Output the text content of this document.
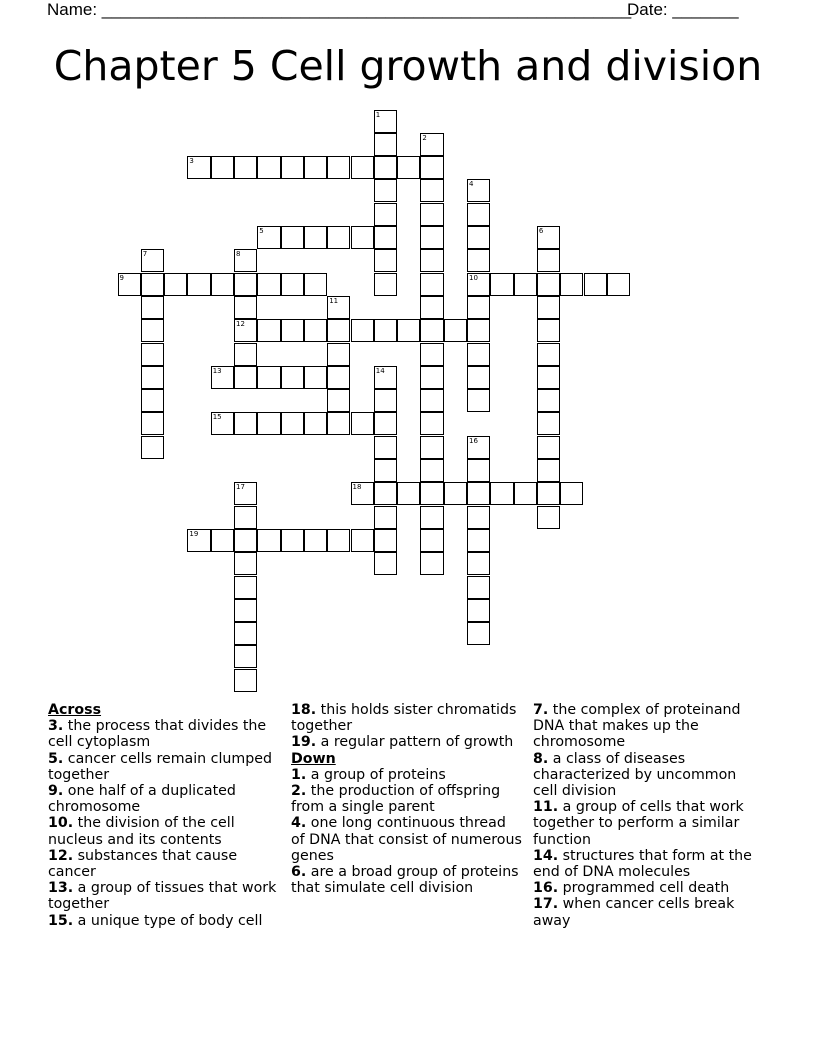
Name: ________________________________________________________
Date: _______
Chapter 5 Cell growth and division
1
2
3
4
10
5	6
7	8
12
9
11
13	14
15
16
17	18
19
Across
3. the process that divides the cell cytoplasm
5. cancer cells remain clumped together
9. one half of a duplicated chromosome
10. the division of the cell nucleus and its contents
12. substances that cause cancer
13. a group of tissues that work together
15. a unique type of body cell
18. this holds sister chromatids together
19. a regular pattern of growth
Down
1. a group of proteins
2. the production of offspring from a single parent
4. one long continuous thread of DNA that consist of numerous genes
6. are a broad group of proteins that simulate cell division
7. the complex of proteinand DNA that makes up the chromosome
8. a class of diseases characterized by uncommon cell division
11. a group of cells that work together to perform a similar function
14. structures that form at the end of DNA molecules
16. programmed cell death
17. when cancer cells break away
